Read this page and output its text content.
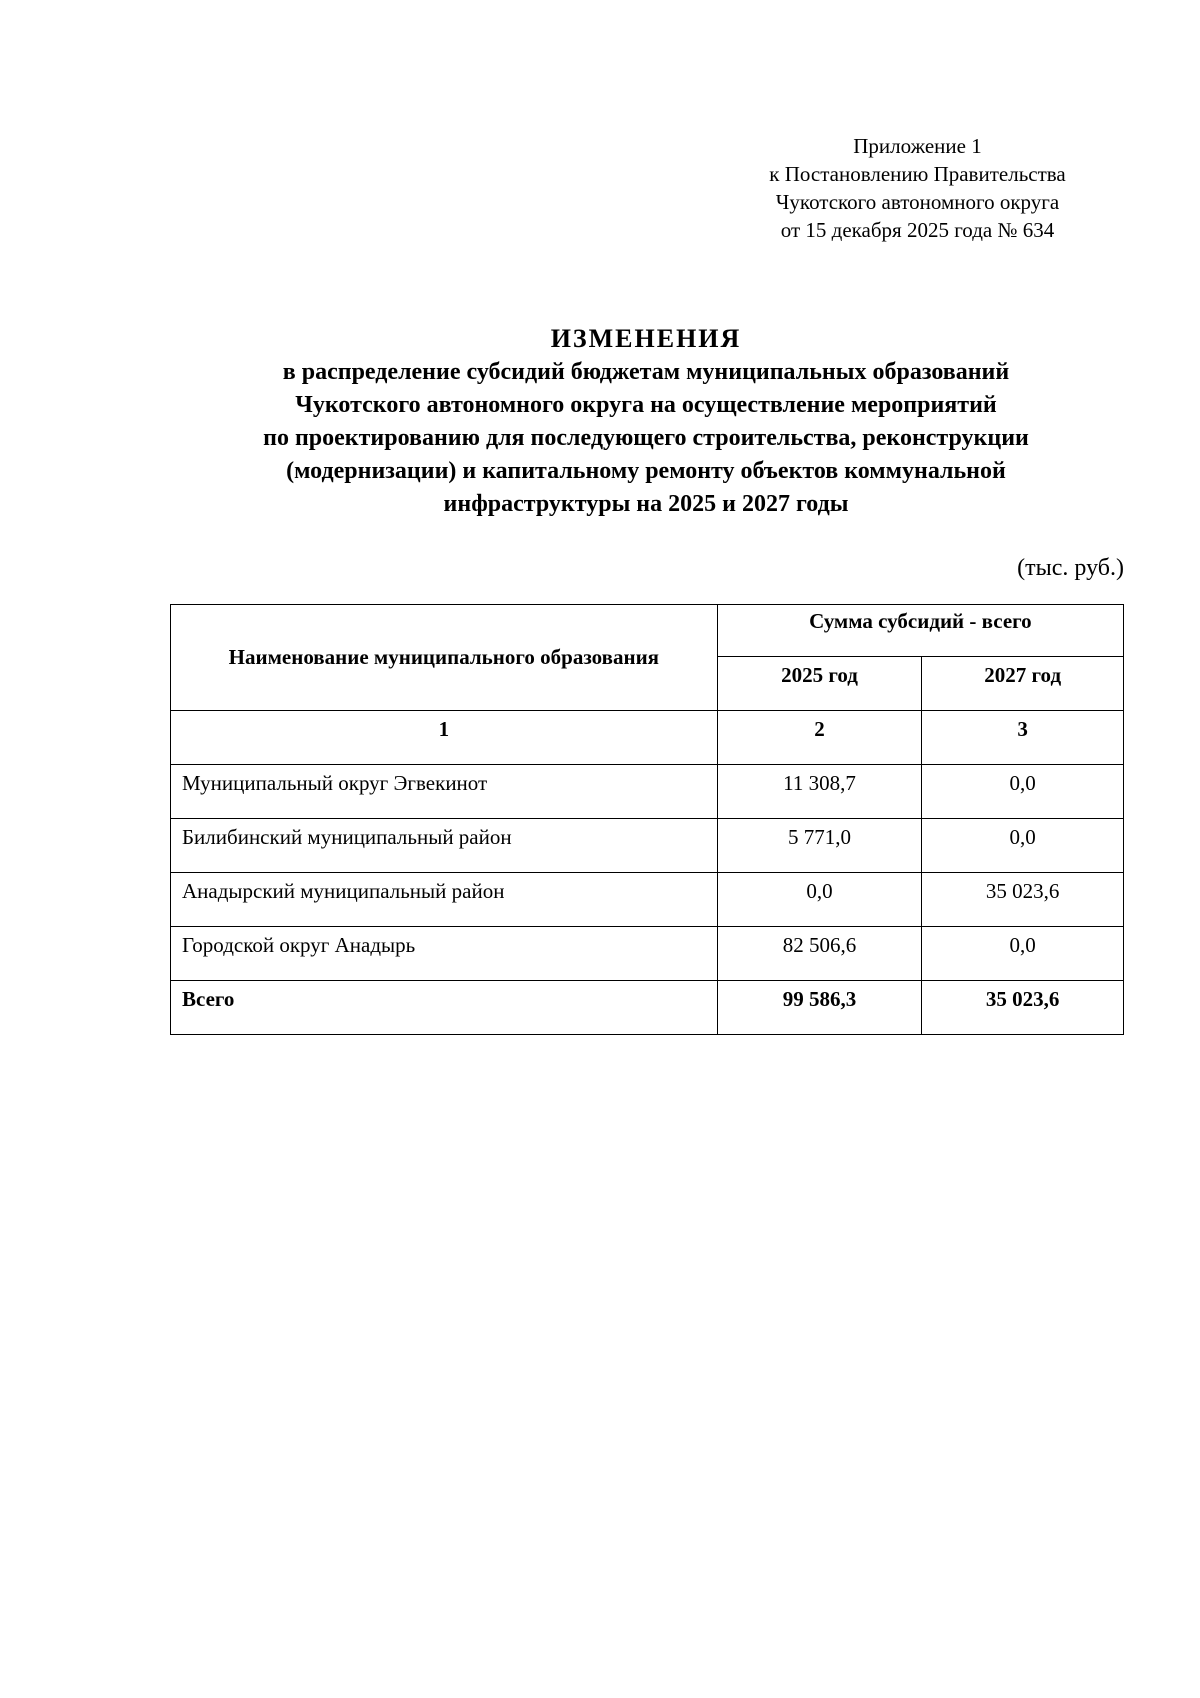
Приложение 1
к Постановлению Правительства
Чукотского автономного округа
от 15 декабря 2025 года № 634
ИЗМЕНЕНИЯ
в распределение субсидий бюджетам муниципальных образований
Чукотского автономного округа на осуществление мероприятий
по проектированию для последующего строительства, реконструкции
(модернизации) и капитальному ремонту объектов коммунальной
инфраструктуры на 2025 и 2027 годы
(тыс. руб.)
Наименование муниципального образования	Сумма субсидий - всего	
	2025 год	2027 год
1	2	3
Муниципальный округ Эгвекинот	11 308,7	0,0
Билибинский муниципальный район	5 771,0	0,0
Анадырский муниципальный район	0,0	35 023,6
Городской округ Анадырь	82 506,6	0,0
Всего	99 586,3	35 023,6
